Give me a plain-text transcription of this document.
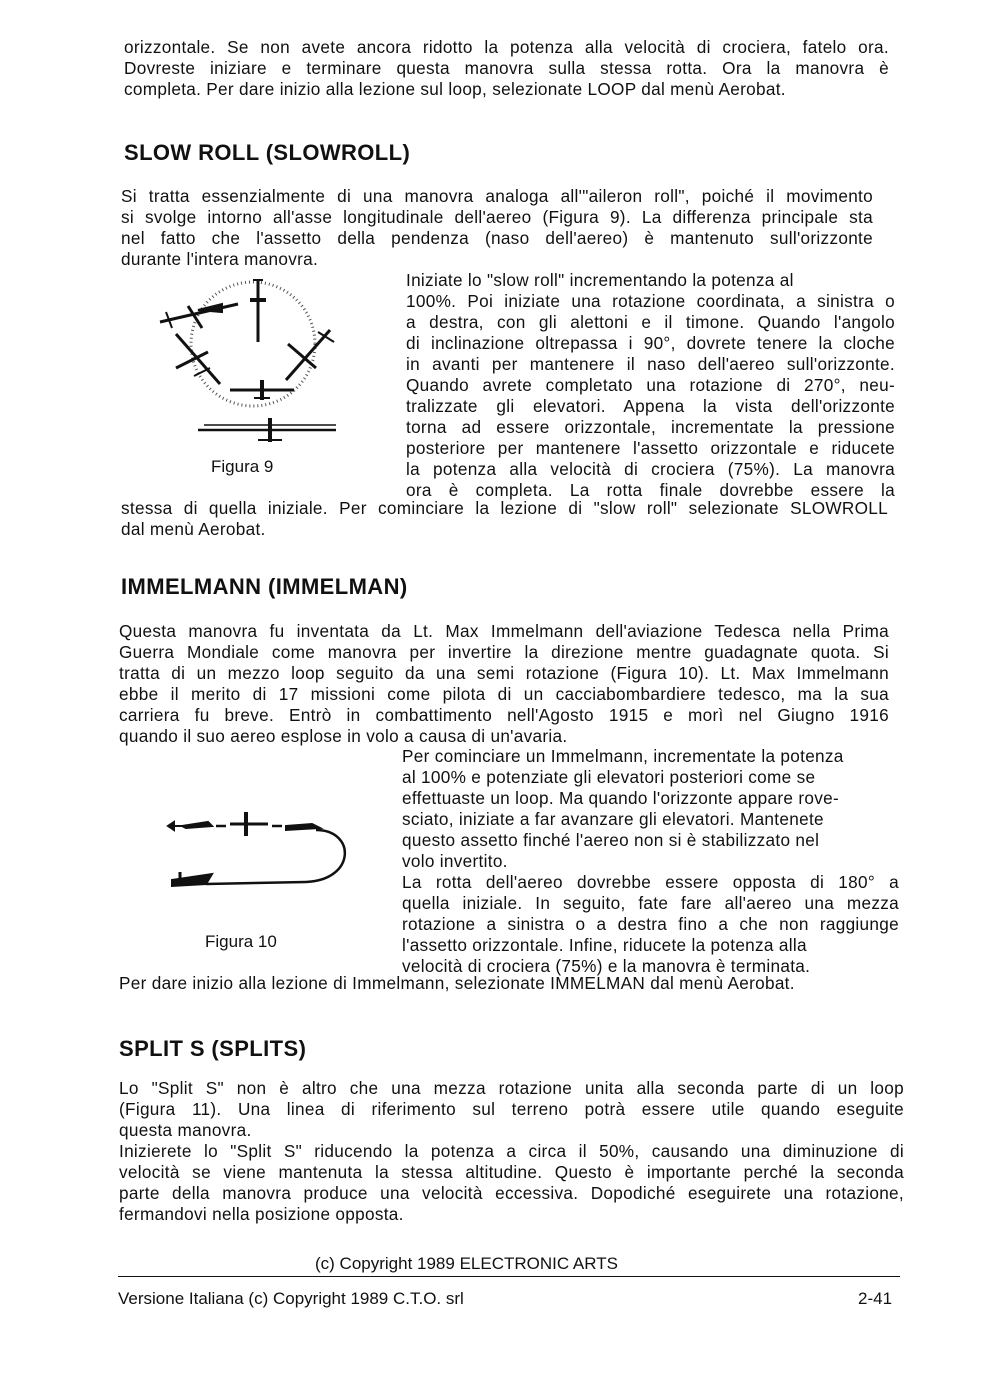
orizzontale. Se non avete ancora ridotto la potenza alla velocità di crociera, fatelo ora.
Dovreste iniziare e terminare questa manovra sulla stessa rotta. Ora la manovra è
completa. Per dare inizio alla lezione sul loop, selezionate LOOP dal menù Aerobat.
SLOW ROLL (SLOWROLL)
Si tratta essenzialmente di una manovra analoga all'"aileron roll", poiché il movimento
si svolge intorno all'asse longitudinale dell'aereo (Figura 9). La differenza principale sta
nel fatto che l'assetto della pendenza (naso dell'aereo) è mantenuto sull'orizzonte
durante l'intera manovra.
Figura 9
Iniziate lo "slow roll" incrementando la potenza al
100%. Poi iniziate una rotazione coordinata, a sinistra o
a destra, con gli alettoni e il timone. Quando l'angolo
di inclinazione oltrepassa i 90°, dovrete tenere la cloche
in avanti per mantenere il naso dell'aereo sull'orizzonte.
Quando avrete completato una rotazione di 270°, neu-
tralizzate gli elevatori. Appena la vista dell'orizzonte
torna ad essere orizzontale, incrementate la pressione
posteriore per mantenere l'assetto orizzontale e riducete
la potenza alla velocità di crociera (75%). La manovra
ora è completa. La rotta finale dovrebbe essere la
stessa di quella iniziale. Per cominciare la lezione di "slow roll" selezionate SLOWROLL
dal menù Aerobat.
IMMELMANN (IMMELMAN)
Questa manovra fu inventata da Lt. Max Immelmann dell'aviazione Tedesca nella Prima
Guerra Mondiale come manovra per invertire la direzione mentre guadagnate quota. Si
tratta di un mezzo loop seguito da una semi rotazione (Figura 10). Lt. Max Immelmann
ebbe il merito di 17 missioni come pilota di un cacciabombardiere tedesco, ma la sua
carriera fu breve. Entrò in combattimento nell'Agosto 1915 e morì nel Giugno 1916
quando il suo aereo esplose in volo a causa di un'avaria.
Figura 10
Per cominciare un Immelmann, incrementate la potenza
al 100% e potenziate gli elevatori posteriori come se
effettuaste un loop. Ma quando l'orizzonte appare rove-
sciato, iniziate a far avanzare gli elevatori. Mantenete
questo assetto finché l'aereo non si è stabilizzato nel
volo invertito.
La rotta dell'aereo dovrebbe essere opposta di 180° a
quella iniziale. In seguito, fate fare all'aereo una mezza
rotazione a sinistra o a destra fino a che non raggiunge
l'assetto orizzontale. Infine, riducete la potenza alla
velocità di crociera (75%) e la manovra è terminata.
Per dare inizio alla lezione di Immelmann, selezionate IMMELMAN dal menù Aerobat.
SPLIT S (SPLITS)
Lo "Split S" non è altro che una mezza rotazione unita alla seconda parte di un loop
(Figura 11). Una linea di riferimento sul terreno potrà essere utile quando eseguite
questa manovra.
Inizierete lo "Split S" riducendo la potenza a circa il 50%, causando una diminuzione di
velocità se viene mantenuta la stessa altitudine. Questo è importante perché la seconda
parte della manovra produce una velocità eccessiva. Dopodiché eseguirete una rotazione,
fermandovi nella posizione opposta.
(c) Copyright 1989 ELECTRONIC ARTS
Versione Italiana (c) Copyright 1989 C.T.O. srl	2-41
